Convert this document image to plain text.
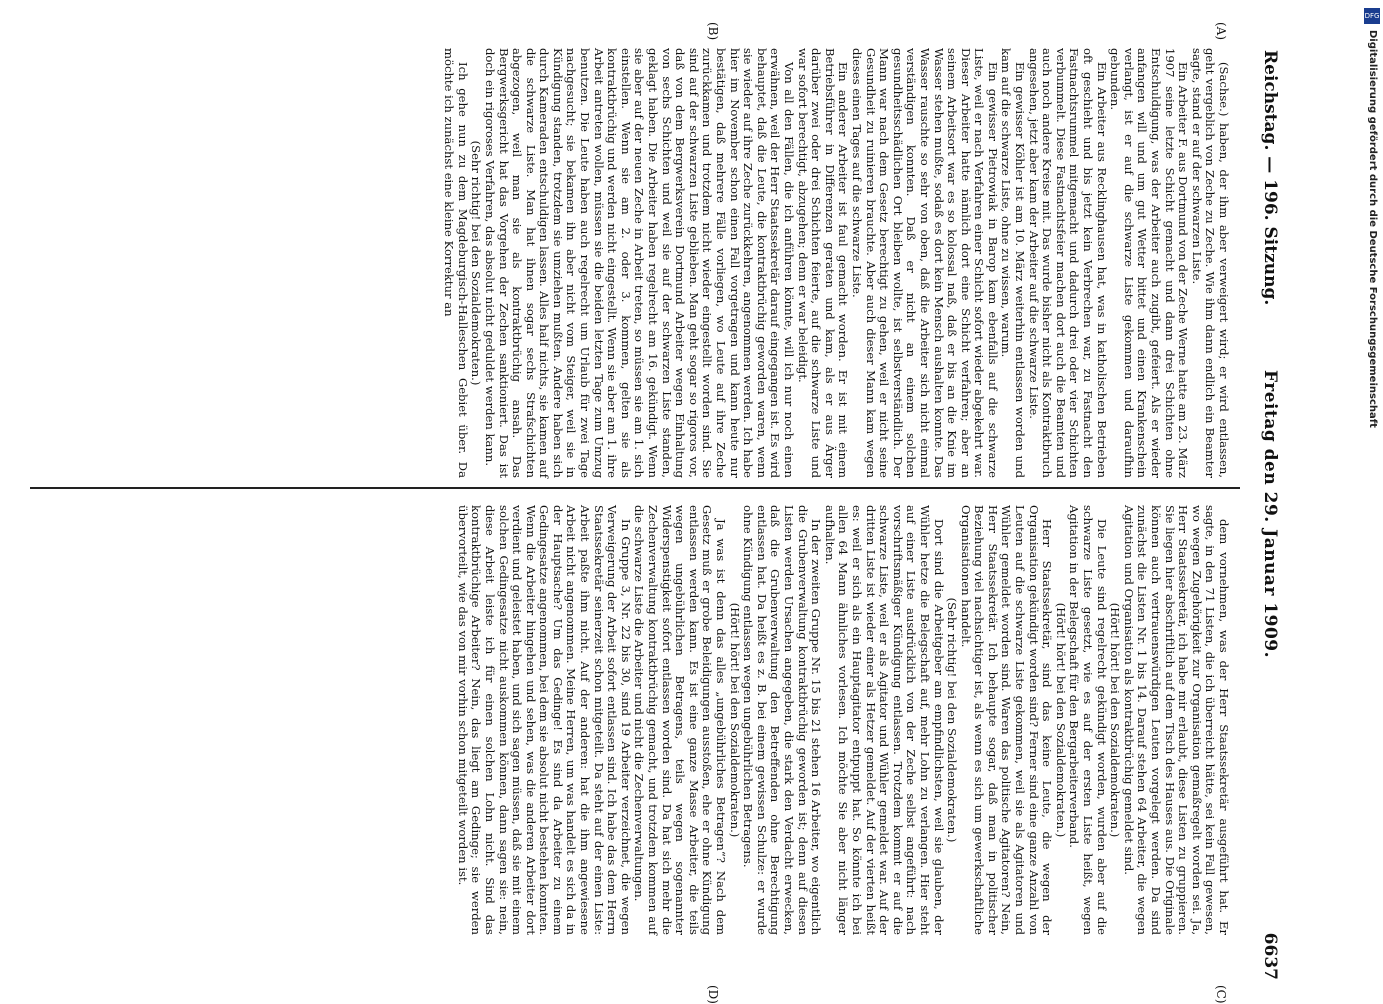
DFG
Digitalisierung gefördert durch die Deutsche Forschungsgemeinschaft
Reichstag. — 196. Sitzung.
Freitag den 29. Januar 1909.
6637
(A)
(B)
(C)
(D)

(Sachse.) haben, der ihm aber verweigert wird; er wird entlassen, geht vergeblich von Zeche zu Zeche. Wie ihm dann endlich ein Beamter sagte, stand er auf der schwarzen Liste.

Ein Arbeiter F. aus Dortmund von der Zeche Werne hatte am 23. März 1907 seine letzte Schicht gemacht und dann drei Schichten ohne Entschuldigung, was der Arbeiter auch zugibt, gefeiert. Als er wieder anfangen will und um gut Wetter bittet und einen Krankenschein verlangt, ist er auf die schwarze Liste gekommen und daraufhin gebunden.

Ein Arbeiter aus Recklinghausen hat, was in katholischen Betrieben oft geschieht und bis jetzt kein Verbrechen war, zu Fastnacht den Fastnachtsrummel mitgemacht und dadurch drei oder vier Schichten verbummelt. Diese Fastnachtsfeier machen dort auch die Beamten und auch noch andere Kreise mit. Das wurde bisher nicht als Kontraktbruch angesehen, jetzt aber kam der Arbeiter auf die schwarze Liste.

Ein gewisser Köhler ist am 10. März weiterhin entlassen worden und kam auf die schwarze Liste, ohne zu wissen, warum.

Ein gewisser Pietrowiak in Barop kam ebenfalls auf die schwarze Liste, weil er nach Verfahren einer Schicht sofort wieder abgekehrt war. Dieser Arbeiter hatte nämlich dort eine Schicht verfahren; aber an seinem Arbeitsort war es so kolossal naß, daß er bis an die Knie im Wasser stehen mußte, sodaß es dort kein Mensch aushalten konnte. Das Wasser rauschte so sehr von oben, daß die Arbeiter sich nicht einmal verständigen konnten. Daß er nicht an einem solchen gesundheitsschädlichen Ort bleiben wollte, ist selbstverständlich. Der Mann war nach dem Gesetz berechtigt zu gehen, weil er nicht seine Gesundheit zu ruinieren brauchte. Aber auch dieser Mann kam wegen dieses einen Tages auf die schwarze Liste.

Ein anderer Arbeiter ist faul gemacht worden. Er ist mit einem Betriebsführer in Differenzen geraten und kam, als er aus Ärger darüber zwei oder drei Schichten feierte, auf die schwarze Liste und war sofort berechtigt, abzugehen; denn er war beleidigt.

Von all den Fällen, die ich anführen könnte, will ich nur noch einen erwähnen, weil der Herr Staatssekretär darauf eingegangen ist. Es wird behauptet, daß die Leute, die kontraktbrüchig geworden waren, wenn sie wieder auf ihre Zeche zurückkehren, angenommen werden. Ich habe hier im November schon einen Fall vorgetragen und kann heute nur bestätigen, daß mehrere Fälle vorliegen, wo Leute auf ihre Zeche zurückkamen und trotzdem nicht wieder eingestellt worden sind. Sie sind auf der schwarzen Liste geblieben. Man geht sogar so rigoros vor, daß von dem Bergwerksverein Dortmund Arbeiter wegen Einhaltung von sechs Schichten und weil sie auf der schwarzen Liste standen, geklagt haben. Die Arbeiter haben regelrecht am 16. gekündigt. Wenn sie aber auf der neuen Zeche in Arbeit treten, so müssen sie am 1. sich einstellen. Wenn sie am 2. oder 3. kommen, gelten sie als kontraktbrüchig und werden nicht eingestellt. Wenn sie aber am 1. ihre Arbeit antreten wollen, müssen sie die beiden letzten Tage zum Umzug benutzen. Die Leute haben auch regelrecht um Urlaub für zwei Tage nachgesucht; sie bekamen ihn aber nicht vom Steiger, weil sie in Kündigung standen, trotzdem sie umziehen mußten. Andere haben sich durch Kameraden entschuldigen lassen. Alles half nichts, sie kamen auf die schwarze Liste. Man hat ihnen sogar sechs Strafschichten abgezogen, weil man sie als kontraktbrüchig ansah. Das Bergwerksgericht hat das Vorgehen der Zechen sanktioniert. Das ist doch ein rigoroses Verfahren, das absolut nicht geduldet werden kann.

(Sehr richtig! bei den Sozialdemokraten.)

Ich gehe nun zu dem Magdeburgisch-Halleschen Gebiet über. Da möchte ich zunächst eine kleine Korrektur an

dem vornehmen, was der Herr Staatssekretär ausgeführt hat. Er sagte, in den 71 Listen, die ich überreicht hätte, sei kein Fall gewesen, wo wegen Zugehörigkeit zur Organisation gemaßregelt worden sei. Ja, Herr Staatssekretär, ich habe mir erlaubt, diese Listen zu gruppieren. Sie liegen hier abschriftlich auf dem Tisch des Hauses aus. Die Originale können auch vertrauenswürdigen Leuten vorgelegt werden. Da sind zunächst die Listen Nr. 1 bis 14. Darauf stehen 64 Arbeiter, die wegen Agitation und Organisation als kontraktbrüchig gemeldet sind.

(Hört! hört! bei den Sozialdemokraten.)

Die Leute sind regelrecht gekündigt worden, wurden aber auf die schwarze Liste gesetzt, wie es auf der ersten Liste heißt, wegen Agitation in der Belegschaft für den Bergarbeiterverband.

(Hört! hört! bei den Sozialdemokraten.)

Herr Staatssekretär, sind das keine Leute, die wegen der Organisation gekündigt worden sind? Ferner sind eine ganze Anzahl von Leuten auf die schwarze Liste gekommen, weil sie als Agitatoren und Wühler gemeldet worden sind. Waren das politische Agitatoren? Nein, Herr Staatssekretär. Ich behaupte sogar, daß man in politischer Beziehung viel nachsichtiger ist, als wenn es sich um gewerkschaftliche Organisationen handelt.

(Sehr richtig! bei den Sozialdemokraten.)

Dort sind die Arbeitgeber am empfindlichsten, weil sie glauben, der Wühler hetze die Belegschaft auf, mehr Lohn zu verlangen. Hier steht auf einer Liste ausdrücklich von der Zeche selbst angeführt: nach vorschriftsmäßiger Kündigung entlassen. Trotzdem kommt er auf die schwarze Liste, weil er als Agitator und Wühler gemeldet war. Auf der dritten Liste ist wieder einer als Hetzer gemeldet. Auf der vierten heißt es: weil er sich als ein Hauptagitator entpuppt hat. So könnte ich bei allen 64 Mann ähnliches vorlesen. Ich möchte Sie aber nicht länger aufhalten.

In der zweiten Gruppe Nr. 15 bis 21 stehen 16 Arbeiter, wo eigentlich die Grubenverwaltung kontraktbrüchig geworden ist; denn auf diesen Listen werden Ursachen angegeben, die stark den Verdacht erwecken, daß die Grubenverwaltung den Betreffenden ohne Berechtigung entlassen hat. Da heißt es z. B. bei einem gewissen Schulze: er wurde ohne Kündigung entlassen wegen ungebührlichen Betragens.

(Hört! hört! bei den Sozialdemokraten.)

Ja was ist denn das alles „ungebührliches Betragen“? Nach dem Gesetz muß er grobe Beleidigungen ausstoßen, ehe er ohne Kündigung entlassen werden kann. Es ist eine ganze Masse Arbeiter, die teils wegen ungebührlichen Betragens, teils wegen sogenannter Widerspenstigkeit sofort entlassen worden sind. Da hat sich mehr die Zechenverwaltung kontraktbrüchig gemacht, und trotzdem kommen auf die schwarze Liste die Arbeiter und nicht die Zechenverwaltungen.

In Gruppe 3, Nr. 22 bis 30, sind 19 Arbeiter verzeichnet, die wegen Verweigerung der Arbeit sofort entlassen sind. Ich habe das dem Herrn Staatssekretär seinerzeit schon mitgeteilt. Da steht auf der einen Liste: Arbeit paßte ihm nicht. Auf der anderen: hat die ihm angewiesene Arbeit nicht angenommen. Meine Herren, um was handelt es sich da in der Hauptsache? Um das Gedinge! Es sind da Arbeiter zu einem Gedingesatze angenommen, bei dem sie absolut nicht bestehen konnten. Wenn die Arbeiter hingehen und sehen, was die anderen Arbeiter dort verdient und geleistet haben, und sich sagen müssen, daß sie mit einem solchen Gedingesatze nicht auskommen können, dann sagen sie: nein, diese Arbeit leiste ich für einen solchen Lohn nicht. Sind das kontraktbrüchige Arbeiter? Nein, das liegt am Gedinge; sie werden übervorteilt, wie das von mir vorhin schon mitgeteilt worden ist.
